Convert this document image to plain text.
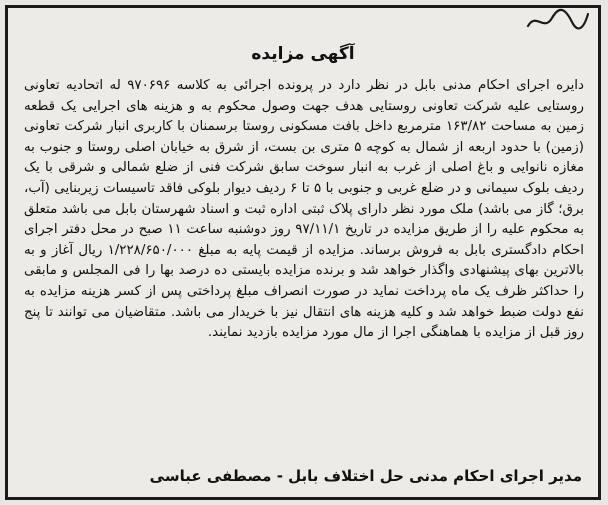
آگهی مزایده

دایره اجرای احکام مدنی بابل در نظر دارد در پرونده اجرائی به کلاسه ۹۷۰۶۹۶ له اتحادیه تعاونی روستایی علیه شرکت تعاونی روستایی هدف جهت وصول محکوم به و هزینه های اجرایی یک قطعه زمین به مساحت ۱۶۳/۸۲ مترمربع داخل بافت مسکونی روستا برسمنان با کاربری انبار شرکت تعاونی (زمین) با حدود اربعه از شمال به کوچه ۵ متری بن بست، از شرق به خیابان اصلی روستا و جنوب به مغازه نانوایی و باغ اصلی از غرب به انبار سوخت سابق شرکت فنی از ضلع شمالی و شرقی با یک ردیف بلوک سیمانی و در ضلع غربی و جنوبی با ۵ تا ۶ ردیف دیوار بلوکی فاقد تاسیسات زیربنایی (آب، برق؛ گاز می باشد) ملک مورد نظر دارای پلاک ثبتی اداره ثبت و اسناد شهرستان بابل می باشد متعلق به محکوم علیه را از طریق مزایده در تاریخ ۹۷/۱۱/۱ روز دوشنبه ساعت ۱۱ صبح در محل دفتر اجرای احکام دادگستری بابل به فروش برساند. مزایده از قیمت پایه به مبلغ ۱/۲۲۸/۶۵۰/۰۰۰ ریال آغاز و به بالاترین بهای پیشنهادی واگذار خواهد شد و برنده مزایده بایستی ده درصد بها را فی المجلس و مابقی را حداکثر ظرف یک ماه پرداخت نماید در صورت انصراف مبلغ پرداختی پس از کسر هزینه مزایده به نفع دولت ضبط خواهد شد و کلیه هزینه های انتقال نیز با خریدار می باشد. متقاضیان می توانند تا پنج روز قبل از مزایده با هماهنگی اجرا از مال مورد مزایده بازدید نمایند.

مدیر اجرای احکام مدنی حل اختلاف بابل - مصطفی عباسی
